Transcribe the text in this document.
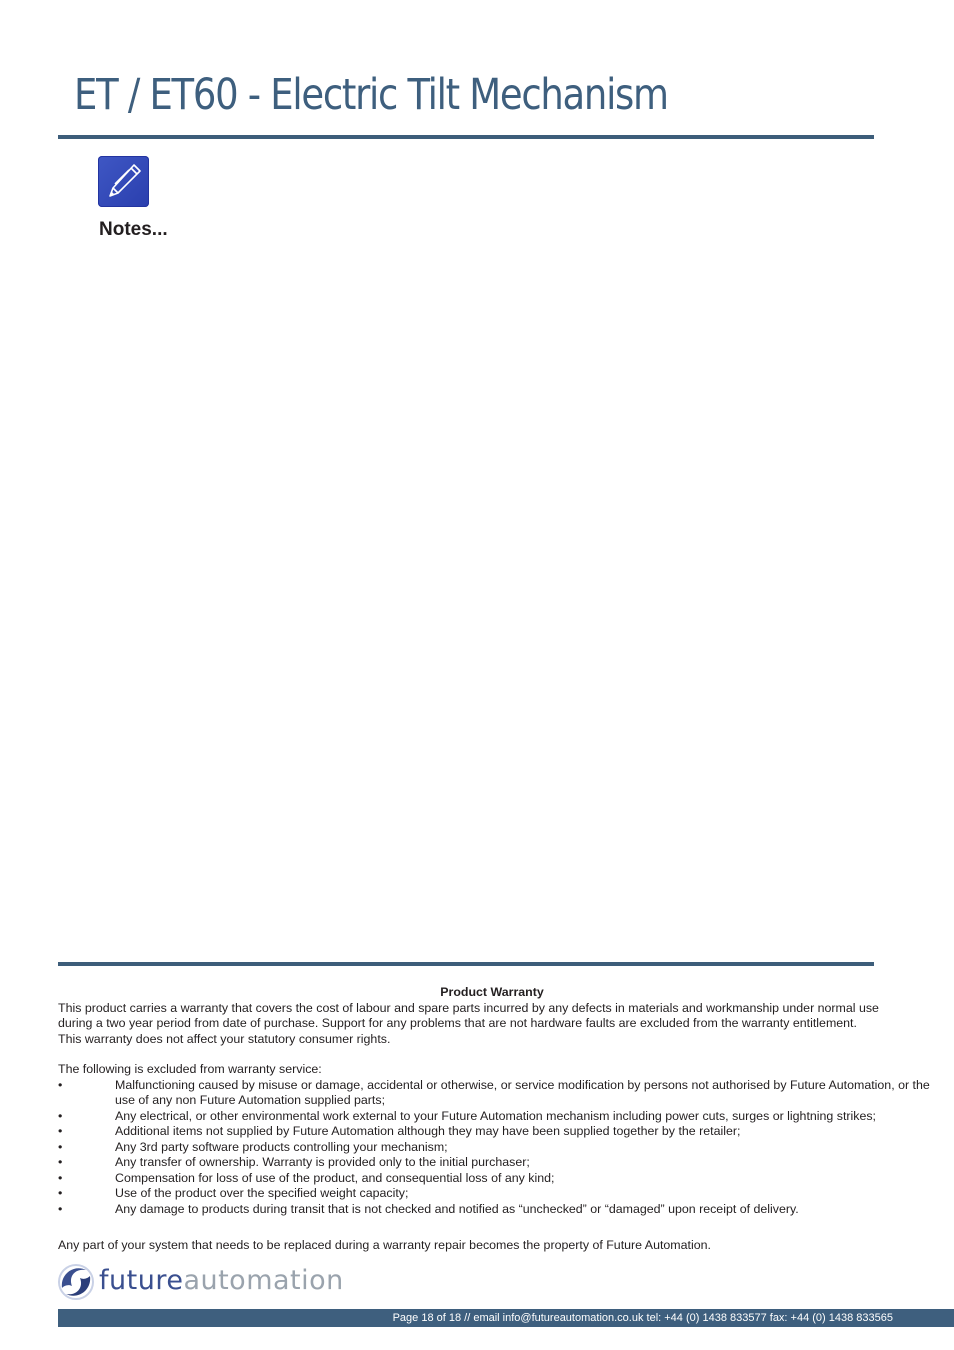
ET / ET60 - Electric Tilt Mechanism
Notes...
Product Warranty

This product carries a warranty that covers the cost of labour and spare parts incurred by any defects in materials and workmanship under normal use

during a two year period from date of purchase. Support for any problems that are not hardware faults are excluded from the warranty entitlement.

This warranty does not affect your statutory consumer rights.

The following is excluded from warranty service:

• Malfunctioning caused by misuse or damage, accidental or otherwise, or service modification by persons not authorised by Future Automation, or the use of any non Future Automation supplied parts;
• Any electrical, or other environmental work external to your Future Automation mechanism including power cuts, surges or lightning strikes;
• Additional items not supplied by Future Automation although they may have been supplied together by the retailer;
• Any 3rd party software products controlling your mechanism;
• Any transfer of ownership. Warranty is provided only to the initial purchaser;
• Compensation for loss of use of the product, and consequential loss of any kind;
• Use of the product over the specified weight capacity;
• Any damage to products during transit that is not checked and notified as “unchecked” or “damaged” upon receipt of delivery.

Any part of your system that needs to be replaced during a warranty repair becomes the property of Future Automation.

futureautomation
Page 18 of 18 // email info@futureautomation.co.uk tel: +44 (0) 1438 833577 fax: +44 (0) 1438 833565
